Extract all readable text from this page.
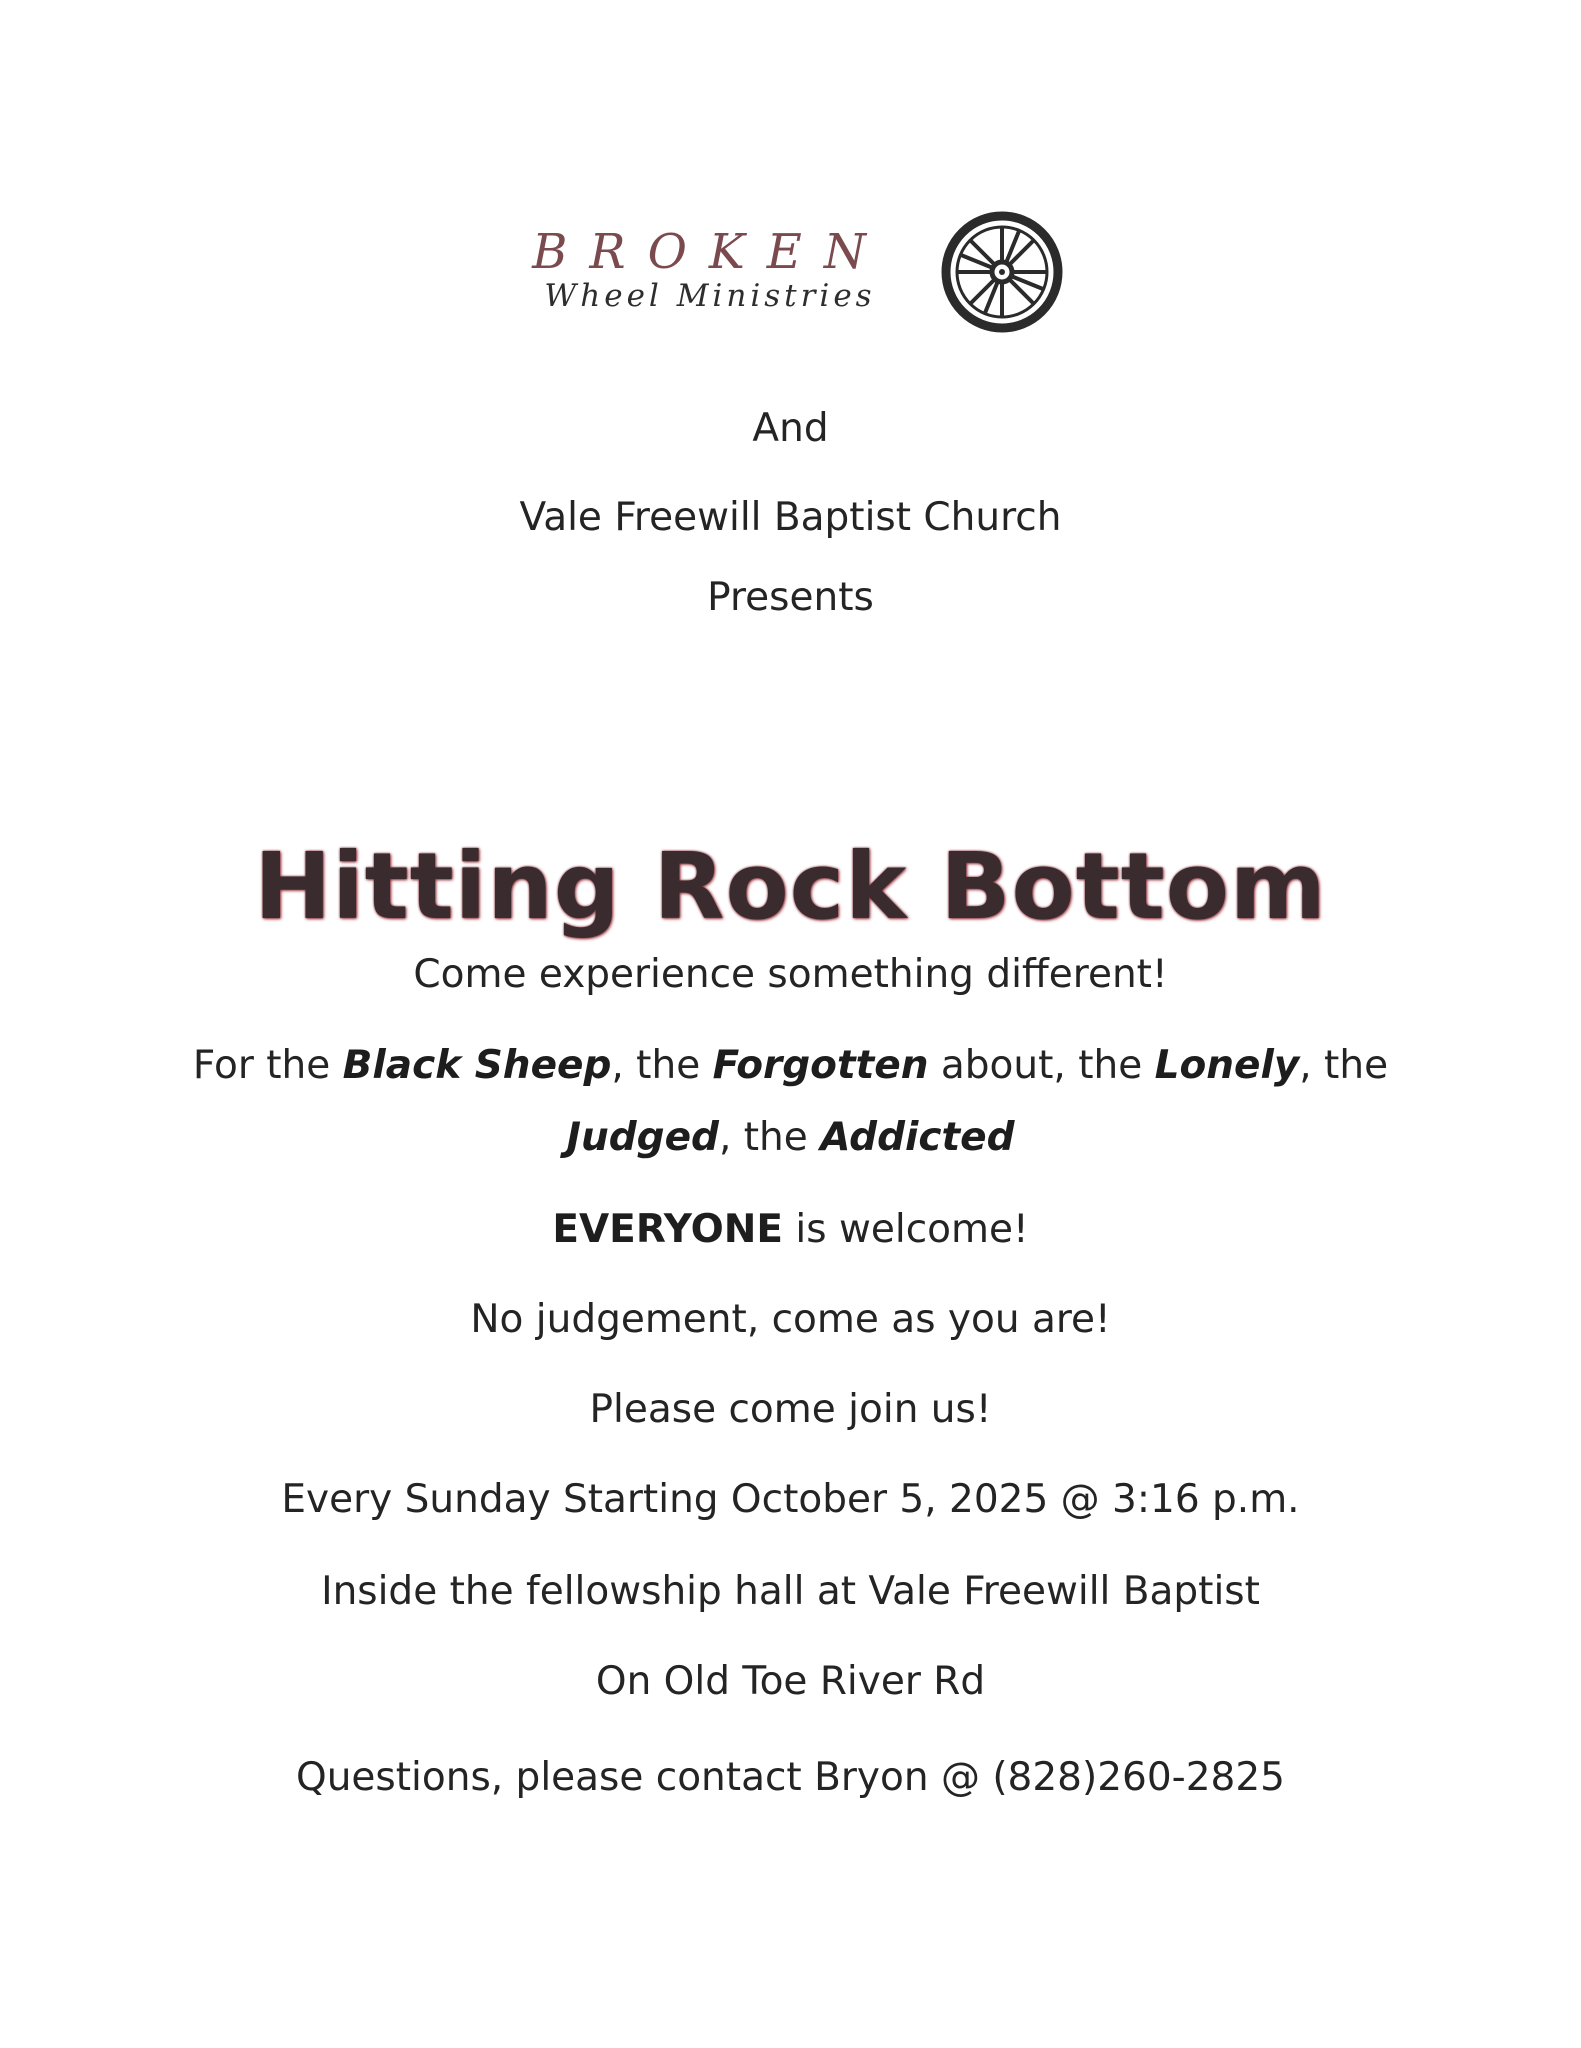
BROKEN
Wheel Ministries

And

Vale Freewill Baptist Church

Presents

Hitting Rock Bottom

Come experience something different!

For the Black Sheep, the Forgotten about, the Lonely, the

Judged, the Addicted

EVERYONE is welcome!

No judgement, come as you are!

Please come join us!

Every Sunday Starting October 5, 2025 @ 3:16 p.m.

Inside the fellowship hall at Vale Freewill Baptist

On Old Toe River Rd

Questions, please contact Bryon @ (828)260-2825
